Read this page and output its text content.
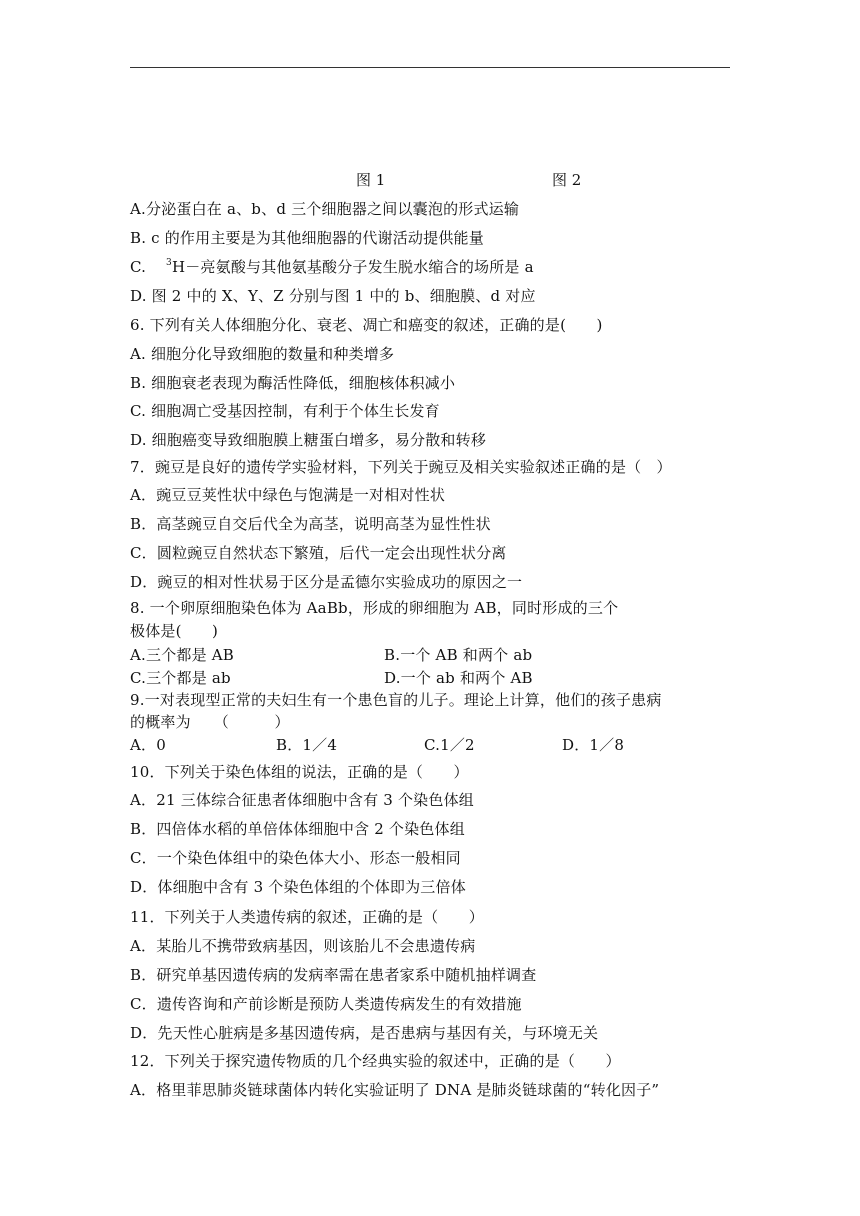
图 1	图 2
A.分泌蛋白在 a、b、d 三个细胞器之间以囊泡的形式运输
B. c 的作用主要是为其他细胞器的代谢活动提供能量
C. $^3$H－亮氨酸与其他氨基酸分子发生脱水缩合的场所是 a
D. 图 2 中的 X、Y、Z 分别与图 1 中的 b、细胞膜、d 对应
6. 下列有关人体细胞分化、衰老、凋亡和癌变的叙述，正确的是(　　)
A. 细胞分化导致细胞的数量和种类增多
B. 细胞衰老表现为酶活性降低，细胞核体积减小
C. 细胞凋亡受基因控制，有利于个体生长发育
D. 细胞癌变导致细胞膜上糖蛋白增多，易分散和转移
7．豌豆是良好的遗传学实验材料，下列关于豌豆及相关实验叙述正确的是（　）
A．豌豆豆荚性状中绿色与饱满是一对相对性状
B．高茎豌豆自交后代全为高茎，说明高茎为显性性状
C．圆粒豌豆自然状态下繁殖，后代一定会出现性状分离
D．豌豆的相对性状易于区分是孟德尔实验成功的原因之一
8. 一个卵原细胞染色体为 AaBb，形成的卵细胞为 AB，同时形成的三个
极体是(　　)
A.三个都是 AB	B.一个 AB 和两个 ab
C.三个都是 ab	D.一个 ab 和两个 AB
9.一对表现型正常的夫妇生有一个患色盲的儿子。理论上计算，他们的孩子患病
的概率为　　（　　　）
A．0	B．1／4	C.1／2	D．1／8
10．下列关于染色体组的说法，正确的是（　　）
A．21 三体综合征患者体细胞中含有 3 个染色体组
B．四倍体水稻的单倍体体细胞中含 2 个染色体组
C．一个染色体组中的染色体大小、形态一般相同
D．体细胞中含有 3 个染色体组的个体即为三倍体
11．下列关于人类遗传病的叙述，正确的是（　　）
A．某胎儿不携带致病基因，则该胎儿不会患遗传病
B．研究单基因遗传病的发病率需在患者家系中随机抽样调查
C．遗传咨询和产前诊断是预防人类遗传病发生的有效措施
D．先天性心脏病是多基因遗传病，是否患病与基因有关，与环境无关
12．下列关于探究遗传物质的几个经典实验的叙述中，正确的是（　　）
A．格里菲思肺炎链球菌体内转化实验证明了 DNA 是肺炎链球菌的“转化因子”
